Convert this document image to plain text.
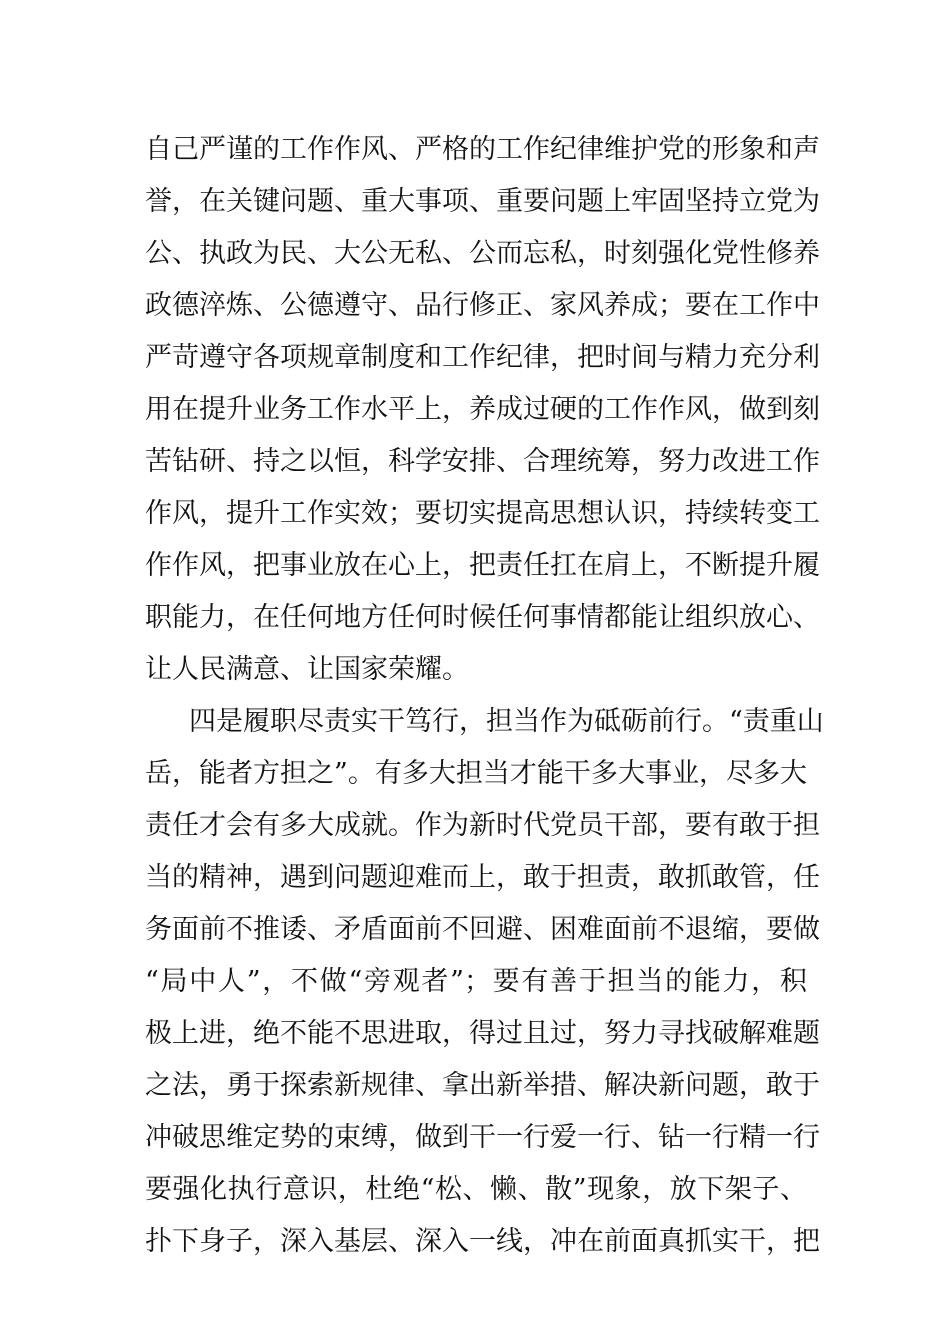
自己严谨的工作作风、严格的工作纪律维护党的形象和声
誉，在关键问题、重大事项、重要问题上牢固坚持立党为
公、执政为民、大公无私、公而忘私，时刻强化党性修养
政德淬炼、公德遵守、品行修正、家风养成；要在工作中
严苛遵守各项规章制度和工作纪律，把时间与精力充分利
用在提升业务工作水平上，养成过硬的工作作风，做到刻
苦钻研、持之以恒，科学安排、合理统筹，努力改进工作
作风，提升工作实效；要切实提高思想认识，持续转变工
作作风，把事业放在心上，把责任扛在肩上，不断提升履
职能力，在任何地方任何时候任何事情都能让组织放心、
让人民满意、让国家荣耀。
四是履职尽责实干笃行，担当作为砥砺前行。“责重山
岳，能者方担之”。有多大担当才能干多大事业，尽多大
责任才会有多大成就。作为新时代党员干部，要有敢于担
当的精神，遇到问题迎难而上，敢于担责，敢抓敢管，任
务面前不推诿、矛盾面前不回避、困难面前不退缩，要做
“局中人”，不做“旁观者”；要有善于担当的能力，积
极上进，绝不能不思进取，得过且过，努力寻找破解难题
之法，勇于探索新规律、拿出新举措、解决新问题，敢于
冲破思维定势的束缚，做到干一行爱一行、钻一行精一行
要强化执行意识，杜绝“松、懒、散”现象，放下架子、
扑下身子，深入基层、深入一线，冲在前面真抓实干，把
